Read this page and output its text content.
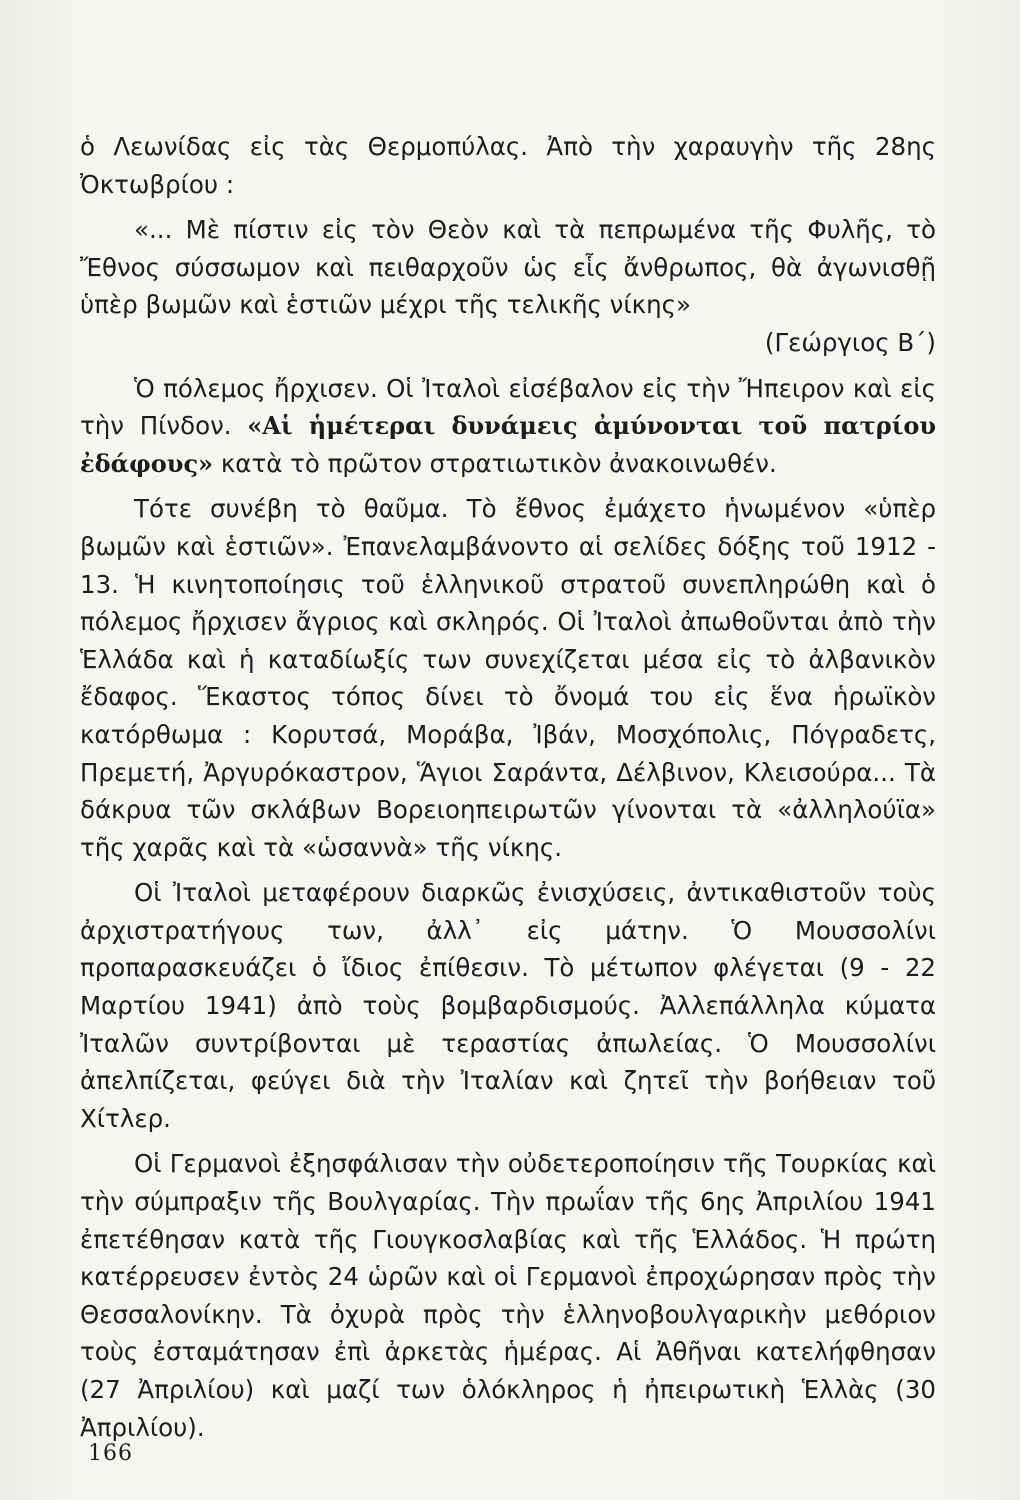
ὁ Λεωνίδας εἰς τὰς Θερμοπύλας. Ἀπὸ τὴν χαραυγὴν τῆς 28ης Ὀκτωβρίου :

«... Μὲ πίστιν εἰς τὸν Θεὸν καὶ τὰ πεπρωμένα τῆς Φυλῆς, τὸ Ἔθνος σύσσωμον καὶ πειθαρχοῦν ὡς εἷς ἄνθρωπος, θὰ ἀγωνισθῇ ὑπὲρ βωμῶν καὶ ἑστιῶν μέχρι τῆς τελικῆς νίκης»

(Γεώργιος Β΄)

Ὁ πόλεμος ἤρχισεν. Οἱ Ἰταλοὶ εἰσέβαλον εἰς τὴν Ἤπειρον καὶ εἰς τὴν Πίνδον. «Αἱ ἡμέτεραι δυνάμεις ἀμύνονται τοῦ πατρίου ἐδάφους» κατὰ τὸ πρῶτον στρατιωτικὸν ἀνακοινωθέν.

Τότε συνέβη τὸ θαῦμα. Τὸ ἔθνος ἐμάχετο ἡνωμένον «ὑπὲρ βωμῶν καὶ ἑστιῶν». Ἐπανελαμβάνοντο αἱ σελίδες δόξης τοῦ 1912 - 13. Ἡ κινητοποίησις τοῦ ἑλληνικοῦ στρατοῦ συνεπληρώθη καὶ ὁ πόλεμος ἤρχισεν ἄγριος καὶ σκληρός. Οἱ Ἰταλοὶ ἀπωθοῦνται ἀπὸ τὴν Ἑλλάδα καὶ ἡ καταδίωξίς των συνεχίζεται μέσα εἰς τὸ ἀλβανικὸν ἔδαφος. Ἕκαστος τόπος δίνει τὸ ὄνομά του εἰς ἕνα ἡρωϊκὸν κατόρθωμα : Κορυτσά, Μοράβα, Ἰβάν, Μοσχόπολις, Πόγραδετς, Πρεμετή, Ἀργυρόκαστρον, Ἅγιοι Σαράντα, Δέλβινον, Κλεισούρα... Τὰ δάκρυα τῶν σκλάβων Βορειοηπειρωτῶν γίνονται τὰ «ἀλληλούϊα» τῆς χαρᾶς καὶ τὰ «ὡσαννὰ» τῆς νίκης.

Οἱ Ἰταλοὶ μεταφέρουν διαρκῶς ἐνισχύσεις, ἀντικαθιστοῦν τοὺς ἀρχιστρατήγους των, ἀλλ᾽ εἰς μάτην. Ὁ Μουσσολίνι προπαρασκευάζει ὁ ἴδιος ἐπίθεσιν. Τὸ μέτωπον φλέγεται (9 - 22 Μαρτίου 1941) ἀπὸ τοὺς βομβαρδισμούς. Ἀλλεπάλληλα κύματα Ἰταλῶν συντρίβονται μὲ τεραστίας ἀπωλείας. Ὁ Μουσσολίνι ἀπελπίζεται, φεύγει διὰ τὴν Ἰταλίαν καὶ ζητεῖ τὴν βοήθειαν τοῦ Χίτλερ.

Οἱ Γερμανοὶ ἐξησφάλισαν τὴν οὐδετεροποίησιν τῆς Τουρκίας καὶ τὴν σύμπραξιν τῆς Βουλγαρίας. Τὴν πρωΐαν τῆς 6ης Ἀπριλίου 1941 ἐπετέθησαν κατὰ τῆς Γιουγκοσλαβίας καὶ τῆς Ἑλλάδος. Ἡ πρώτη κατέρρευσεν ἐντὸς 24 ὡρῶν καὶ οἱ Γερμανοὶ ἐπροχώρησαν πρὸς τὴν Θεσσαλονίκην. Τὰ ὀχυρὰ πρὸς τὴν ἑλληνοβουλγαρικὴν μεθόριον τοὺς ἐσταμάτησαν ἐπὶ ἀρκετὰς ἡμέρας. Αἱ Ἀθῆναι κατελήφθησαν (27 Ἀπριλίου) καὶ μαζί των ὁλόκληρος ἡ ἠπειρωτικὴ Ἑλλὰς (30 Ἀπριλίου).

166
